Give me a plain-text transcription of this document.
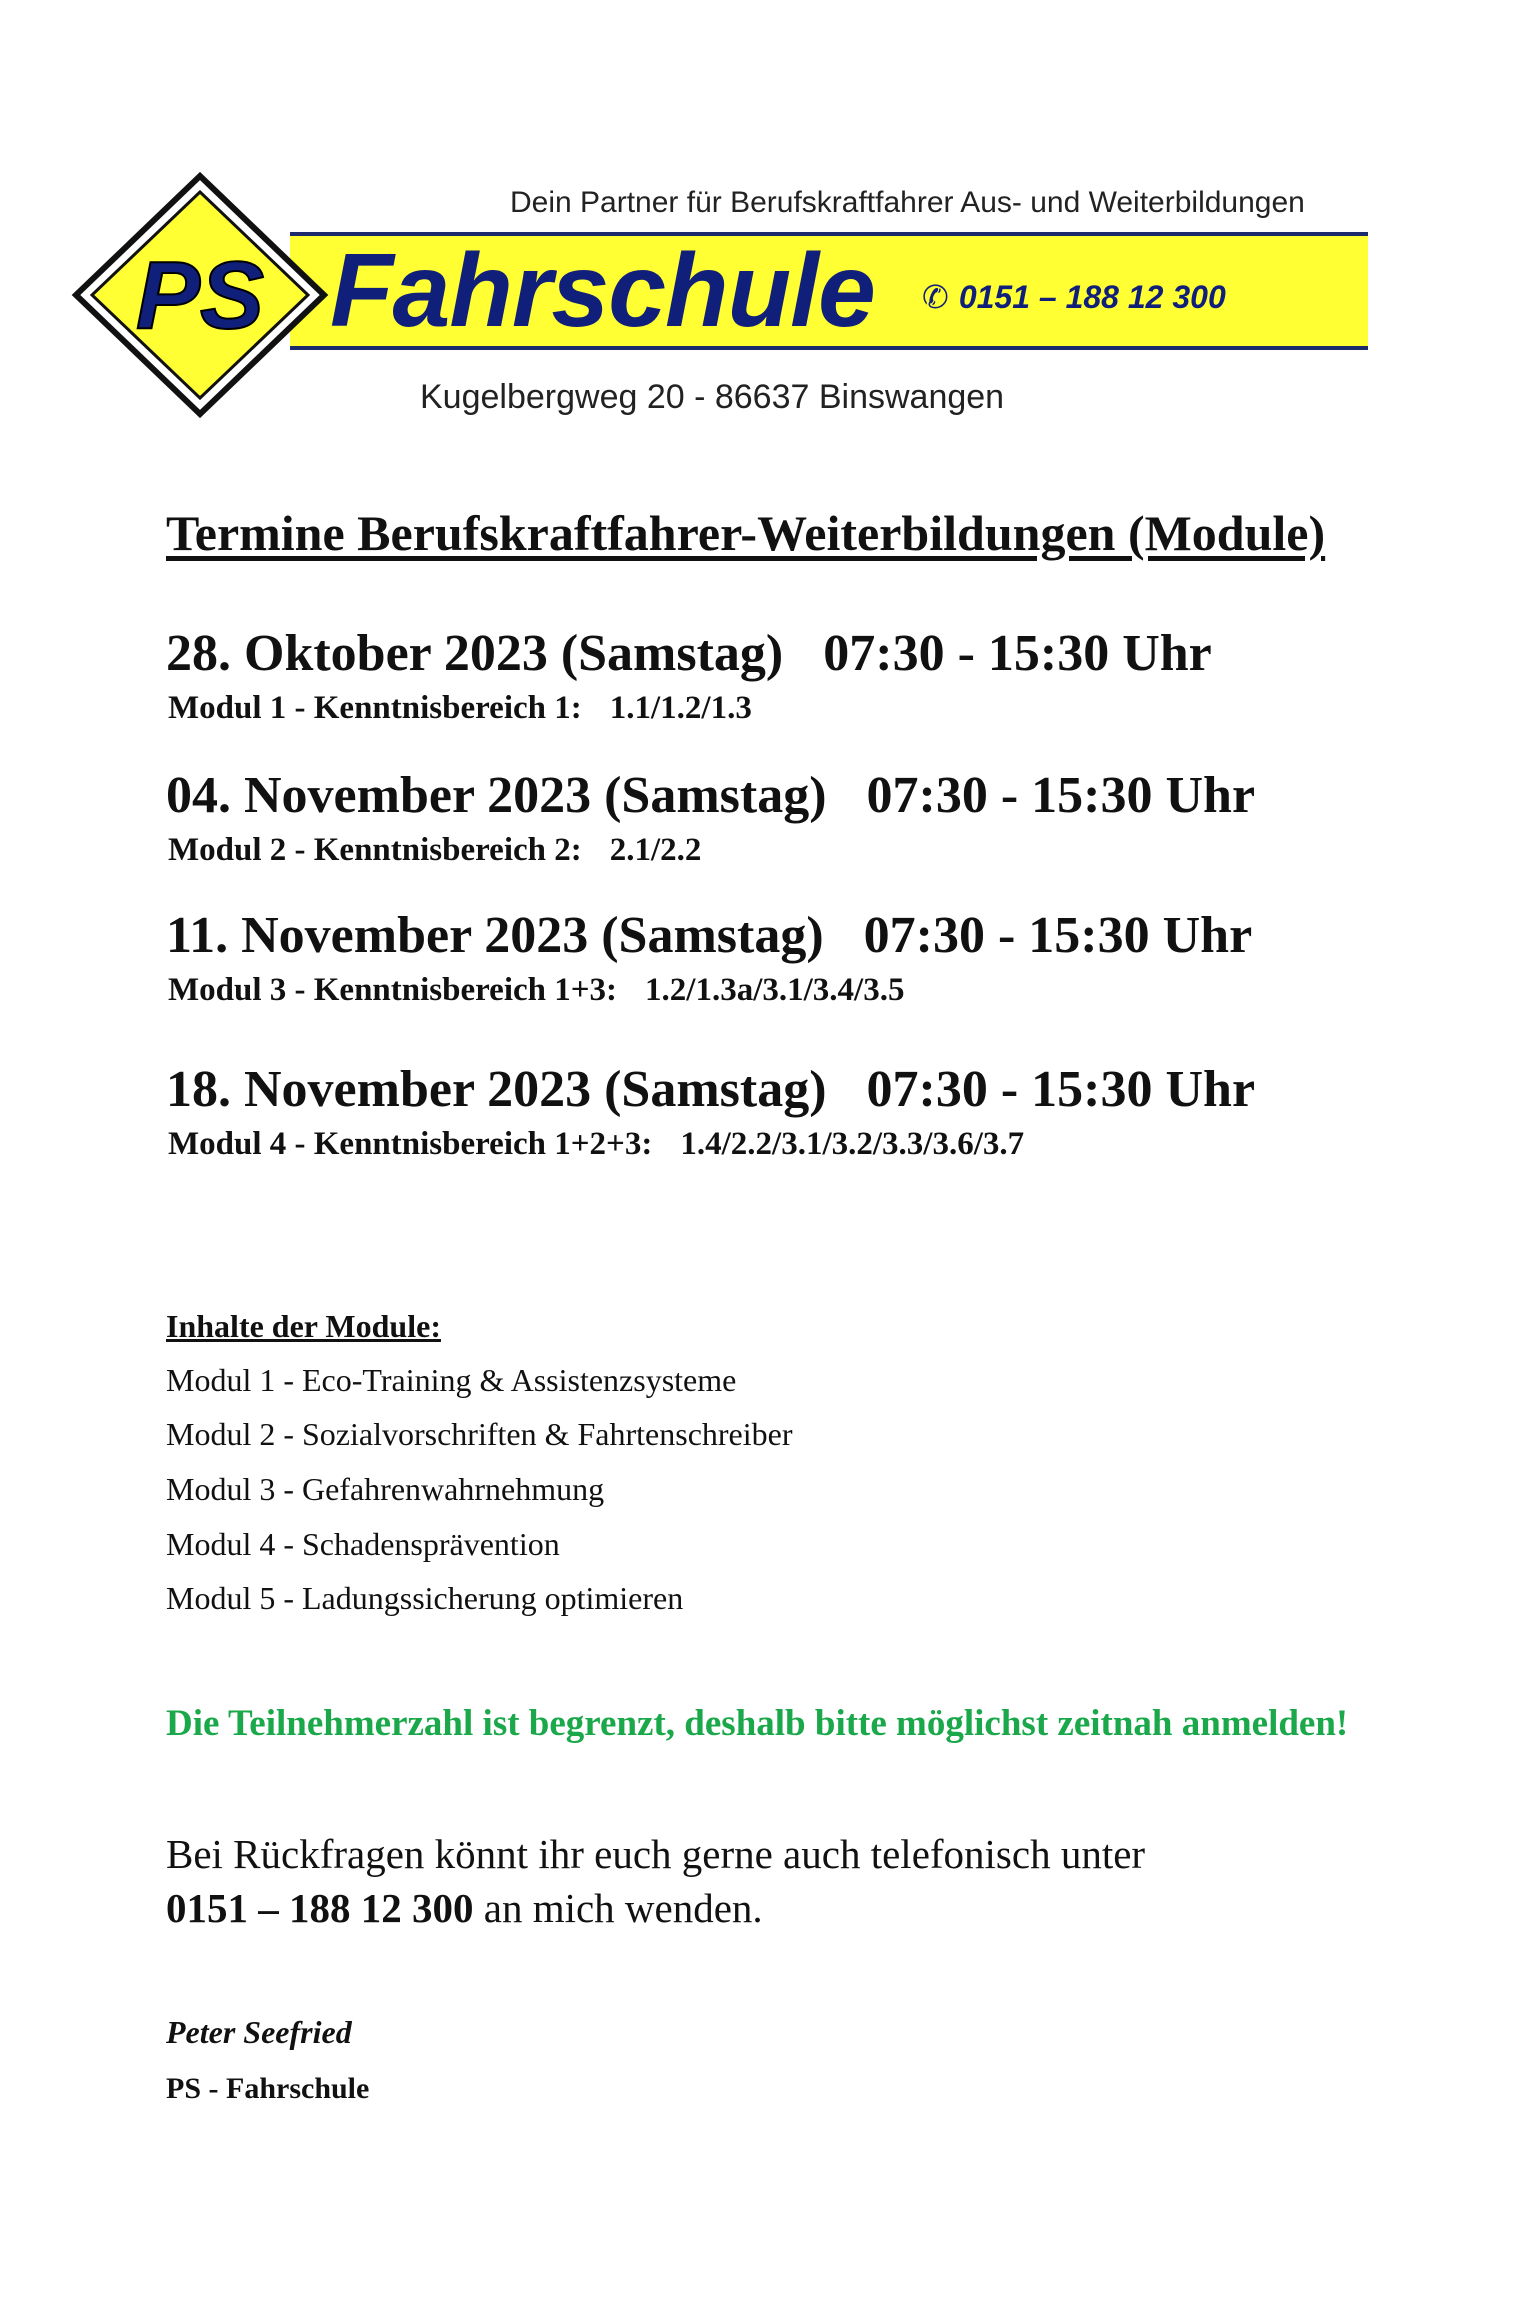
PS
Dein Partner für Berufskraftfahrer Aus- und Weiterbildungen
Fahrschule ✆ 0151 – 188 12 300
Kugelbergweg 20 - 86637 Binswangen
Termine Berufskraftfahrer-Weiterbildungen (Module)
28. Oktober 2023 (Samstag) 07:30 - 15:30 Uhr
Modul 1 - Kenntnisbereich 1: 1.1/1.2/1.3
04. November 2023 (Samstag) 07:30 - 15:30 Uhr
Modul 2 - Kenntnisbereich 2: 2.1/2.2
11. November 2023 (Samstag) 07:30 - 15:30 Uhr
Modul 3 - Kenntnisbereich 1+3: 1.2/1.3a/3.1/3.4/3.5
18. November 2023 (Samstag) 07:30 - 15:30 Uhr
Modul 4 - Kenntnisbereich 1+2+3: 1.4/2.2/3.1/3.2/3.3/3.6/3.7
Inhalte der Module:
Modul 1 - Eco-Training & Assistenzsysteme
Modul 2 - Sozialvorschriften & Fahrtenschreiber
Modul 3 - Gefahrenwahrnehmung
Modul 4 - Schadensprävention
Modul 5 - Ladungssicherung optimieren
Die Teilnehmerzahl ist begrenzt, deshalb bitte möglichst zeitnah anmelden!
Bei Rückfragen könnt ihr euch gerne auch telefonisch unter
0151 – 188 12 300 an mich wenden.
Peter Seefried
PS - Fahrschule
